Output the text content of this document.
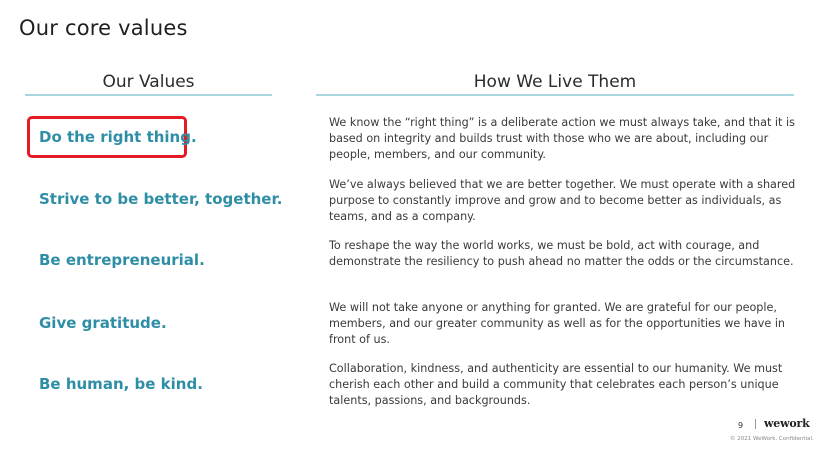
Our core values
Our Values	How We Live Them
Do the right thing.
Strive to be better, together.
Be entrepreneurial.
Give gratitude.
Be human, be kind.
We know the “right thing” is a deliberate action we must always take, and that it is based on integrity and builds trust with those who we are about, including our people, members, and our community.
We’ve always believed that we are better together. We must operate with a shared purpose to constantly improve and grow and to become better as individuals, as teams, and as a company.
To reshape the way the world works, we must be bold, act with courage, and demonstrate the resiliency to push ahead no matter the odds or the circumstance.
We will not take anyone or anything for granted. We are grateful for our people, members, and our greater community as well as for the opportunities we have in front of us.
Collaboration, kindness, and authenticity are essential to our humanity. We must cherish each other and build a community that celebrates each person’s unique talents, passions, and backgrounds.
9 wework
© 2021 WeWork. Confidential.
